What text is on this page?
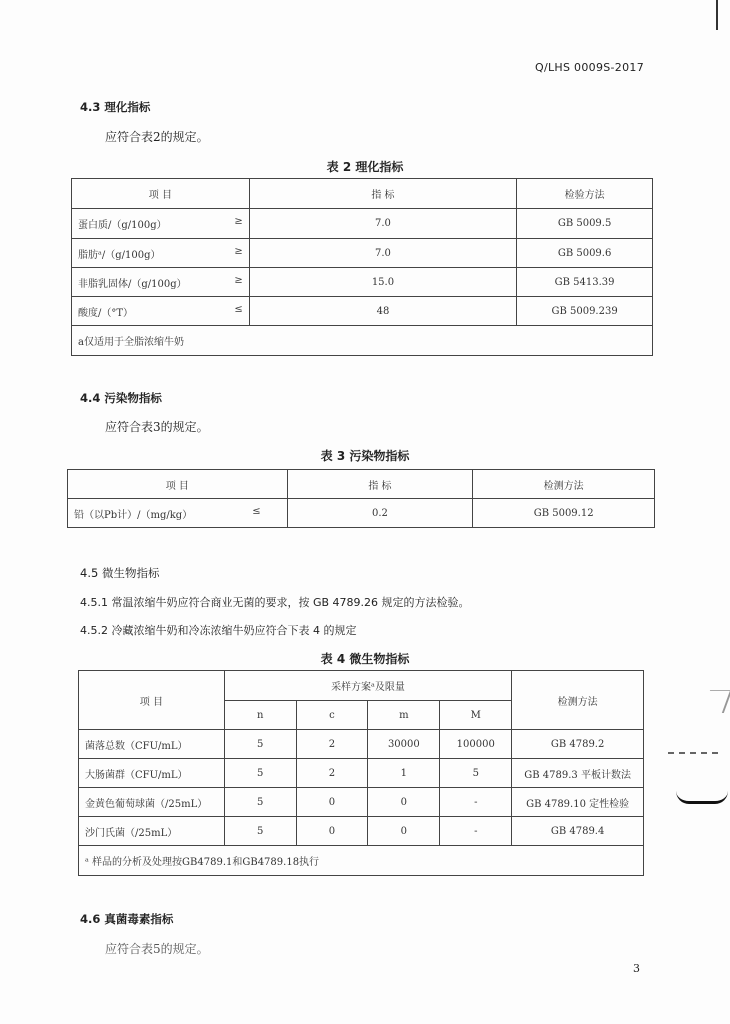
Q/LHS 0009S-2017
4.3 理化指标
应符合表2的规定。
表 2 理化指标
项 目	指 标	检验方法
蛋白质/（g/100g） ≥	7.0	GB 5009.5
脂肪ᵃ/（g/100g） ≥	7.0	GB 5009.6
非脂乳固体/（g/100g） ≥	15.0	GB 5413.39
酸度/（°T） ≤	48	GB 5009.239
a仅适用于全脂浓缩牛奶		
4.4 污染物指标
应符合表3的规定。
表 3 污染物指标
项 目	指 标	检测方法
铅（以Pb计）/（mg/kg） ≤	0.2	GB 5009.12
4.5 微生物指标
4.5.1 常温浓缩牛奶应符合商业无菌的要求，按 GB 4789.26 规定的方法检验。
4.5.2 冷藏浓缩牛奶和冷冻浓缩牛奶应符合下表 4 的规定
表 4 微生物指标
项 目	采样方案ᵃ及限量				检测方法
	n	c	m	M	
菌落总数（CFU/mL）	5	2	30000	100000	GB 4789.2
大肠菌群（CFU/mL）	5	2	1	5	GB 4789.3 平板计数法
金黄色葡萄球菌（/25mL）	5	0	0	-	GB 4789.10 定性检验
沙门氏菌（/25mL）	5	0	0	-	GB 4789.4
ᵃ 样品的分析及处理按GB4789.1和GB4789.18执行					
4.6 真菌毒素指标
应符合表5的规定。
3
